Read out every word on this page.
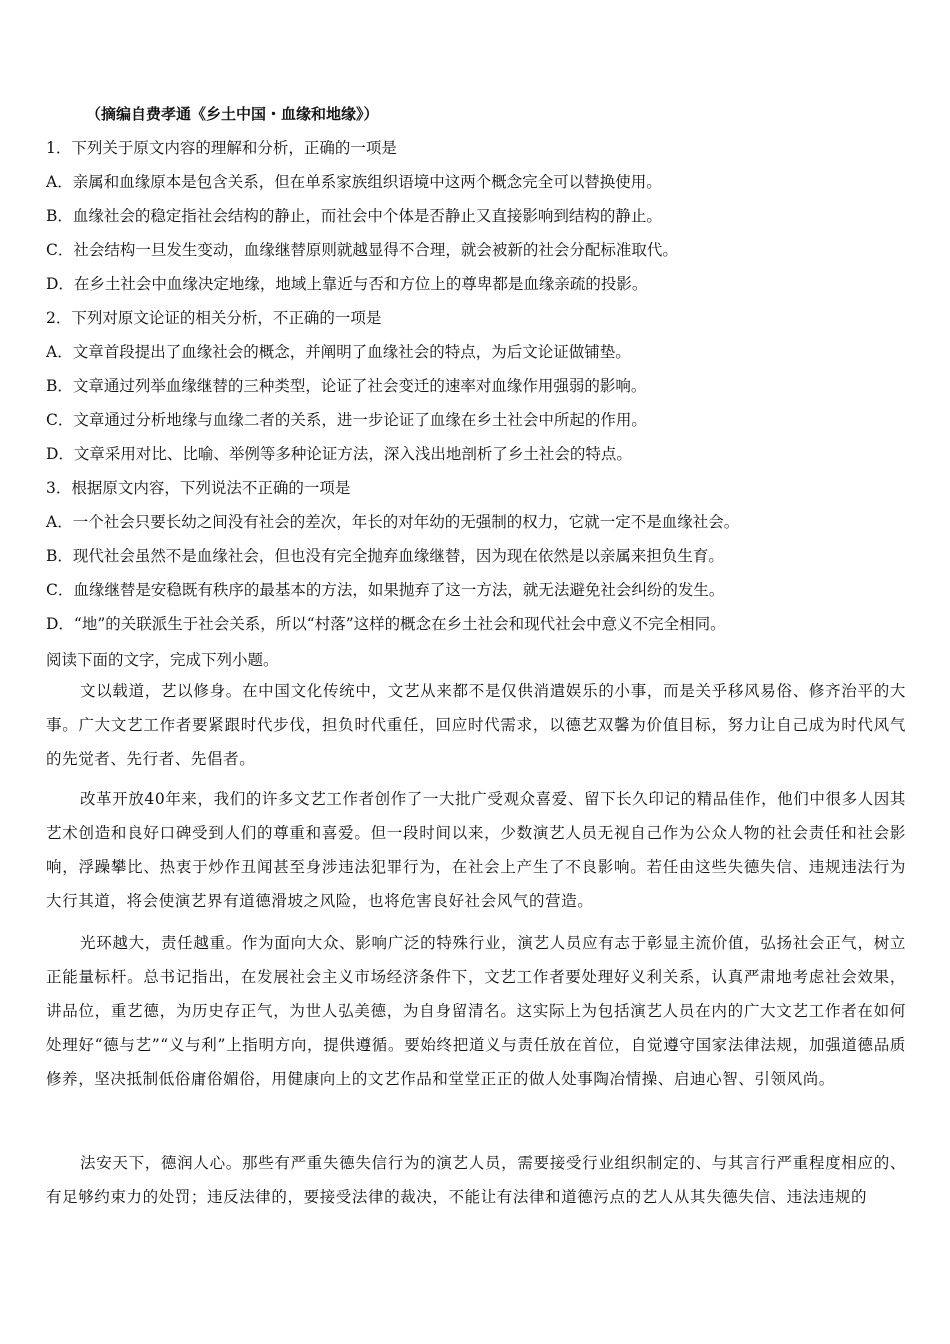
（摘编自费孝通《乡土中国・血缘和地缘》）
1．下列关于原文内容的理解和分析，正确的一项是
A．亲属和血缘原本是包含关系，但在单系家族组织语境中这两个概念完全可以替换使用。
B．血缘社会的稳定指社会结构的静止，而社会中个体是否静止又直接影响到结构的静止。
C．社会结构一旦发生变动，血缘继替原则就越显得不合理，就会被新的社会分配标准取代。
D．在乡土社会中血缘决定地缘，地域上靠近与否和方位上的尊卑都是血缘亲疏的投影。
2．下列对原文论证的相关分析，不正确的一项是
A．文章首段提出了血缘社会的概念，并阐明了血缘社会的特点，为后文论证做铺垫。
B．文章通过列举血缘继替的三种类型，论证了社会变迁的速率对血缘作用强弱的影响。
C．文章通过分析地缘与血缘二者的关系，进一步论证了血缘在乡土社会中所起的作用。
D．文章采用对比、比喻、举例等多种论证方法，深入浅出地剖析了乡土社会的特点。
3．根据原文内容，下列说法不正确的一项是
A．一个社会只要长幼之间没有社会的差次，年长的对年幼的无强制的权力，它就一定不是血缘社会。
B．现代社会虽然不是血缘社会，但也没有完全抛弃血缘继替，因为现在依然是以亲属来担负生育。
C．血缘继替是安稳既有秩序的最基本的方法，如果抛弃了这一方法，就无法避免社会纠纷的发生。
D．“地”的关联派生于社会关系，所以“村落”这样的概念在乡土社会和现代社会中意义不完全相同。
阅读下面的文字，完成下列小题。
文以载道，艺以修身。在中国文化传统中，文艺从来都不是仅供消遣娱乐的小事，而是关乎移风易俗、修齐治平的大事。广大文艺工作者要紧跟时代步伐，担负时代重任，回应时代需求，以德艺双馨为价值目标，努力让自己成为时代风气的先觉者、先行者、先倡者。
改革开放40年来，我们的许多文艺工作者创作了一大批广受观众喜爱、留下长久印记的精品佳作，他们中很多人因其艺术创造和良好口碑受到人们的尊重和喜爱。但一段时间以来，少数演艺人员无视自己作为公众人物的社会责任和社会影响，浮躁攀比、热衷于炒作丑闻甚至身涉违法犯罪行为，在社会上产生了不良影响。若任由这些失德失信、违规违法行为大行其道，将会使演艺界有道德滑坡之风险，也将危害良好社会风气的营造。
光环越大，责任越重。作为面向大众、影响广泛的特殊行业，演艺人员应有志于彰显主流价值，弘扬社会正气，树立正能量标杆。总书记指出，在发展社会主义市场经济条件下，文艺工作者要处理好义利关系，认真严肃地考虑社会效果，讲品位，重艺德，为历史存正气，为世人弘美德，为自身留清名。这实际上为包括演艺人员在内的广大文艺工作者在如何处理好“德与艺”“义与利”上指明方向，提供遵循。要始终把道义与责任放在首位，自觉遵守国家法律法规，加强道德品质修养，坚决抵制低俗庸俗媚俗，用健康向上的文艺作品和堂堂正正的做人处事陶冶情操、启迪心智、引领风尚。
法安天下，德润人心。那些有严重失德失信行为的演艺人员，需要接受行业组织制定的、与其言行严重程度相应的、有足够约束力的处罚；违反法律的，要接受法律的裁决，不能让有法律和道德污点的艺人从其失德失信、违法违规的
